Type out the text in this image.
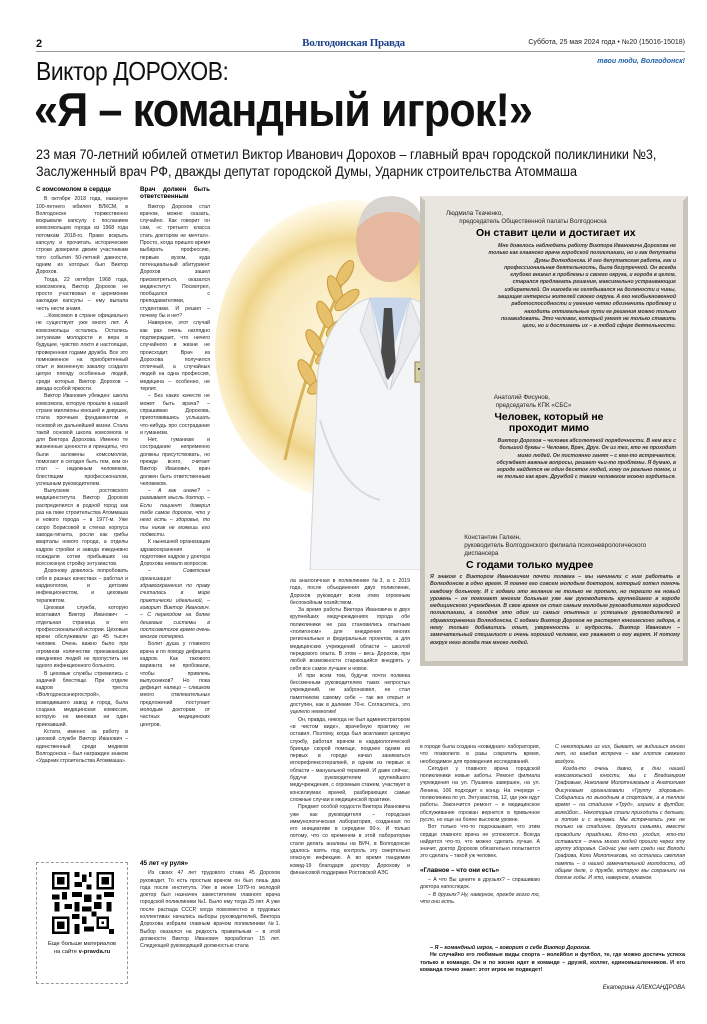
2	Волгодонская Правда	Суббота, 25 мая 2024 года • №20 (15016-15018)
твои люди, Волгодонск!
Виктор ДОРОХОВ:
«Я – командный игрок!»
23 мая 70-летний юбилей отметил Виктор Иванович Дорохов – главный врач городской поликлиники №3, Заслуженный врач РФ, дважды депутат городской Думы, Ударник строительства Атоммаша
С комсомолом в сердце

В октябре 2018 года, накануне 100-летнего юбилея ВЛКСМ, в Волгодонске торжественно вскрывали капсулу с посланием комсомольцев города из 1968 года потомкам 2018-го. Право вскрыть капсулу и прочитать исторические строки доверили двоим участникам того события 50-летней давности, одним из которых был Виктор Дорохов.

Тогда, 22 октября 1968 года, комсомолец Виктор Дорохов не просто участвовал в церемонии закладки капсулы – ему выпала честь нести знамя.

...Комсомол в стране официально не существует уже много лет. А комсомольцы остались. Остались энтузиазм молодости и вера в будущее, чувство локтя и настоящая, проверенная годами дружба. Все это помноженное на приобретенный опыт и жизненную закалку создало целую плеяду особенных людей, среди которых Виктор Дорохов – звезда особой яркости.

Виктор Иванович убежден: школа комсомола, которую прошли в нашей стране миллионы юношей и девушек, стала прочным фундаментом и основой их дальнейшей жизни. Стала такой основой школа комсомола и для Виктора Дорохова. Именно те жизненные ценности и принципы, что были заложены комсомолом, помогают и сегодня быть тем, кем он стал – надежным человеком, блестящим профессионалом, успешным руководителем.

Выпускник ростовского медицинститута Виктор Дорохов распределился в родной город как раз на пике строительства Атоммаша и нового города – в 1977-м. Уже скоро Борисовой в стенах корпуса завода-гиганта, росли как грибы кварталы нового города, а отделы кадров стройки и завода ежедневно осаждали сотни прибывших на всесоюзную стройку энтузиастов.

Доронову довелось попробовать себя в разных качествах – работал и кардиологом, и детским инфекционистом, и цеховым терапевтом.

Цеховая служба, которую возглавил Виктор Иванович – отдельная страница в его профессиональной истории. Цеховые врачи обслуживали до 45 тысяч человек. Очень важно было при огромном количестве приезжающих ежедневно людей не пропустить ни одного инфекционного больного.

В цеховые службы стремились с задачей блестяще. При отделе кадров треста «Волгодонскэнергострой», возводившего завод и город, была создана медицинская комиссия, которую не миновал ни один приехавший.

Кстати, именно за работу в цеховой службе Виктор Иванович – единственный среди медиков Волгодонска – был награжден знаком «Ударник строительства Атоммаша».

Врач должен быть ответственным

Виктор Дорохов стал врачом, можно сказать, случайно. Как говорит он сам, «с третьего класса стать доктором не мечтал». Просто, когда пришло время выбирать профессию, первым вузом, куда потенциальный абитуриент Дорохов зашел присмотреться, оказался мединститут. Посмотрел, пообщался с преподавателями, студентами. И решил – почему бы и нет?

Наверное, этот случай как раз очень наглядно подтверждает, что ничего случайного в жизни не происходит. Врач из Дорохова получился отличный, а случайных людей на одна профессия, медицина – особенно, не терпит.

– Без каких качеств не может быть врача? – спрашиваю Дорохова, приготовившись услышать что-нибудь про сострадание и гуманизм.

Нет, гуманизм и сострадание непременно должны присутствовать, но прежде всего, считает Виктор Иванович, врач должен быть ответственным человеком.

– А как иначе? – развивает мысль доктор. – Если пациент доверил тебе самое дорогое, что у него есть – здоровье, то ты никак не можешь его подвести.

К нынешней организации здравоохранения и подготовке кадров у доктора Дорохова немало вопросов.

– Советская организация здравоохранения по праву считалась в мире практически идеальной, – говорит Виктор Иванович. – С переходом на более дешевые системы в постсоветское время очень многое потеряно.

Болит душа у главного врача и по поводу дефицита кадров. Как такового варианта не пробовали, чтобы привлечь выпускников? Но пока дефицит налицо – слишком много отвлекательных предложений поступает молодым докторам от частных медицинских центров.

45 лет «у руля»

Из своих 47 лет трудового стажа 45 Дорохов руководит. То есть простым врачом он был лишь два года после института. Уже в июне 1979-го молодой доктор был назначен заместителем главного врача городской поликлиники №1. Было ему тогда 25 лет. А уже после распада СССР, когда повсеместно в трудовых коллективах начались выборы руководителей, Виктора Дорохова избрали главным врачом поликлиники №1. Выбор оказался на редкость правильным – в этой должности Виктор Иванович проработал 15 лет. Следующей руководящей должностью стала

Еще больше материалов
на сайте v-pravda.ru
Людмила Ткаченко,
председатель Общественной палаты Волгодонска
Он ставит цели и достигает их
Мне довелось наблюдать работу Виктора Ивановича Дорохова не только как главного врача городской поликлиники, но и как депутата Думы Волгодонска. И его депутатская работа, как и профессиональная деятельность, была безупречной. Он всегда глубоко вникал в проблемы и своего округа, и города в целом, старался предлагать решения, максимально устраивающие избирателей. Он никогда не оглядывался на должности и чины, защищая интересы жителей своего округа. А его необыкновенной работоспособности и умению четко обозначить проблему и находить оптимальные пути ее решения можно только позавидовать. Это человек, который умеет не только ставить цели, но и достигать их – в любой сфере деятельности.
Анатолий Фисунов,
председатель КПК «СБС»
Человек, который не проходит мимо
Виктор Дорохов – человек абсолютной порядочности. В нем все с большой буквы – Человек, Врач, Друг. Он из тех, кто не проходит мимо людей. Он постоянно занят – с кем-то встречается, обсуждает важные вопросы, решает чьи-то проблемы. Я думаю, в городе найдется не один десяток людей, кому он реально помог, и не только как врач. Дружбой с таким человеком можно гордиться.
Константин Галкин,
руководитель Волгодонского филиала психоневрологического диспансера
С годами только мудрее
Я знаком с Виктором Ивановичем почти полвека – мы начинали с ним работать в Волгодонске в одно время. Я помню его совсем молодым доктором, который хотел помочь каждому больному. И с годами это желание не только не пропало, но перешло на новый уровень – он помогает многим больным уже как руководитель крупнейшего в городе медицинского учреждения. В свое время он стал самым молодым руководителем городской поликлиники, а сегодня это один из самых опытных и успешных руководителей в здравоохранении Волгодонска. С годами Виктор Дорохов не растерял юношеского задора, к нему только добавились опыт, уверенность и мудрость. Виктор Иванович – замечательный специалист и очень хороший человек, его уважают и ему верят. И потому вокруг него всегда так много людей.

ла аналогичная в поликлинике №3, а с 2019 года, после объединения двух поликлиник, Дорохов руководит всем этим огромным беспокойным хозяйством.

За время работы Виктора Ивановича в двух крупнейших медучреждениях города обе поликлиники не раз становились опытным «полигоном» для внедрения многих региональных и федеральных проектов, а для медицинских учреждений области – школой передового опыта. В этом – весь Дорохов, при любой возможности старающийся внедрять у себя все самое лучшее и новое.

И при всем том, будучи почти полвека бессменным руководителем таких непростых учреждений, не забронзовел, не стал памятником самому себе – так же открыт и доступен, как в далекие 70-е. Согласитесь, это уцелело немногим!

Он, правда, никогда не был администратором «в чистом виде», врачебную практику не оставил. Поэтому, когда был возглавил цеховую службу, работал врачом в кардиологической бригаде скорой помощи, позднее одним из первых в городе начал заниматься иглорефлексотерапией, и одним из первых в области – мануальной терапией. И даже сейчас, будучи руководителем крупнейшего медучреждения, с огромным стажем, участвует в консилиумах врачей, разбирающих самые сложные случаи в медицинской практике.

Предмет особой гордости Виктора Ивановича уже как руководителя – городская иммунологическая лаборатория, созданная по его инициативе в середине 90-х. И только потому, что со временем в этой лаборатории стали делать анализы на ВИЧ, в Волгодонске удалось взять под контроль эту смертельно опасную инфекцию. А во время пандемии ковид-19 благодаря доктору Дорохову и финансовой поддержке Ростовской АЭС

в городе была создана «ковидная» лаборатория, что позволило в разы сократить время, необходимое для проведения исследований.

Сегодня у главного врача городской поликлиники новые заботы. Ремонт филиала учреждения на ул. Пушкина завершен, на ул. Ленина, 106 подходит к концу. На очереди – поликлиника по ул. Энтузиастов, 12, где уже идут работы. Закончится ремонт – и медицинское обслуживание горожан вернется в привычное русло, но еще на более высоком уровне.

Вот только что-то подсказывает, что этим сердце главного врача не успокоится. Всегда найдется что-то, что можно сделать лучше. А значит, доктор Дорохов обязательно попытается это сделать – такой уж человек.

«Главное – что они есть»

– А что Вы цените в друзьях? – спрашиваю доктора напоследок.

– В друзьях? Ну, наверное, прежде всего то, что они есть.

С некоторыми из них, бывает, не видишься много лет, но каждая встреча – как глоток свежего воздуха.

Когда-то очень давно, в дни нашей комсомольской юности, мы с Владимиром Графовым, Николаем Молотниковым и Анатолием Фисуновым организовали «Группу здоровья». Собирались по выходным в спортзале, а в теплое время – на стадионе «Труд», играли в футбол, волейбол... Некоторые стали приходить с детьми, а потом и с внуками. Мы встречались уже не только на стадионе, дружили семьями, вместе проводили праздники. Кто-то уходил, кто-то оставался – очень много людей прошло через эту группу здоровья. Сейчас уже нет среди нас Володи Графова, Коли Молотникова, но осталась светлая память – о нашей замечательной молодости, об общем деле, о дружбе, которую мы сохранили на долгие годы. И это, наверное, главное.

– Я – командный игрок, – говорит о себе Виктор Дорохов.
Не случайно его любимые виды спорта – волейбол и футбол, те, где можно достичь успеха только в команде. Он и по жизни идет в команде – друзей, коллег, единомышленников. И его команда точно знает: этот игрок не подведет!
Екатерина АЛЕКСАНДРОВА
